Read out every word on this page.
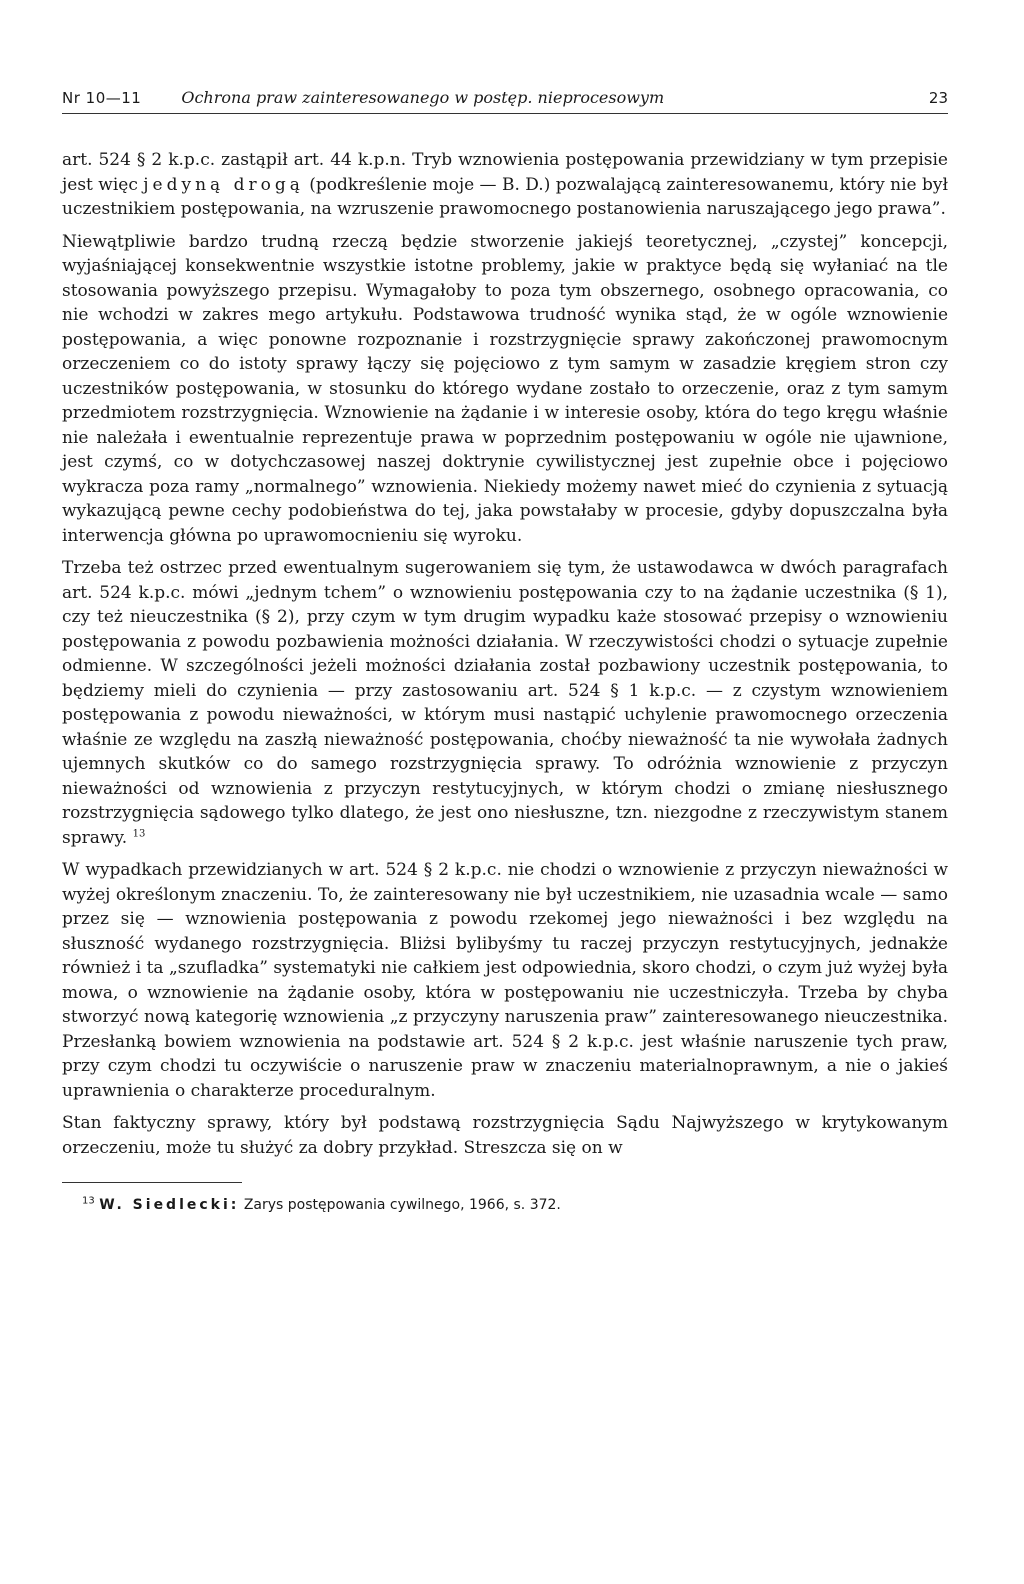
Nr 10—11	Ochrona praw zainteresowanego w postęp. nieprocesowym	23

art. 524 § 2 k.p.c. zastąpił art. 44 k.p.n. Tryb wznowienia postępowania przewidziany w tym przepisie jest więc jedyną drogą (podkreślenie moje — B. D.) pozwalającą zainteresowanemu, który nie był uczestnikiem postępowania, na wzruszenie prawomocnego postanowienia naruszającego jego prawa”.

Niewątpliwie bardzo trudną rzeczą będzie stworzenie jakiejś teoretycznej, „czystej” koncepcji, wyjaśniającej konsekwentnie wszystkie istotne problemy, jakie w praktyce będą się wyłaniać na tle stosowania powyższego przepisu. Wymagałoby to poza tym obszernego, osobnego opracowania, co nie wchodzi w zakres mego artykułu. Podstawowa trudność wynika stąd, że w ogóle wznowienie postępowania, a więc ponowne rozpoznanie i rozstrzygnięcie sprawy zakończonej prawomocnym orzeczeniem co do istoty sprawy łączy się pojęciowo z tym samym w zasadzie kręgiem stron czy uczestników postępowania, w stosunku do którego wydane zostało to orzeczenie, oraz z tym samym przedmiotem rozstrzygnięcia. Wznowienie na żądanie i w interesie osoby, która do tego kręgu właśnie nie należała i ewentualnie reprezentuje prawa w poprzednim postępowaniu w ogóle nie ujawnione, jest czymś, co w dotychczasowej naszej doktrynie cywilistycznej jest zupełnie obce i pojęciowo wykracza poza ramy „normalnego” wznowienia. Niekiedy możemy nawet mieć do czynienia z sytuacją wykazującą pewne cechy podobieństwa do tej, jaka powstałaby w procesie, gdyby dopuszczalna była interwencja główna po uprawomocnieniu się wyroku.

Trzeba też ostrzec przed ewentualnym sugerowaniem się tym, że ustawodawca w dwóch paragrafach art. 524 k.p.c. mówi „jednym tchem” o wznowieniu postępowania czy to na żądanie uczestnika (§ 1), czy też nieuczestnika (§ 2), przy czym w tym drugim wypadku każe stosować przepisy o wznowieniu postępowania z powodu pozbawienia możności działania. W rzeczywistości chodzi o sytuacje zupełnie odmienne. W szczególności jeżeli możności działania został pozbawiony uczestnik postępowania, to będziemy mieli do czynienia — przy zastosowaniu art. 524 § 1 k.p.c. — z czystym wznowieniem postępowania z powodu nieważności, w którym musi nastąpić uchylenie prawomocnego orzeczenia właśnie ze względu na zaszłą nieważność postępowania, choćby nieważność ta nie wywołała żadnych ujemnych skutków co do samego rozstrzygnięcia sprawy. To odróżnia wznowienie z przyczyn nieważności od wznowienia z przyczyn restytucyjnych, w którym chodzi o zmianę niesłusznego rozstrzygnięcia sądowego tylko dlatego, że jest ono niesłuszne, tzn. niezgodne z rzeczywistym stanem sprawy. $^{13}$

W wypadkach przewidzianych w art. 524 § 2 k.p.c. nie chodzi o wznowienie z przyczyn nieważności w wyżej określonym znaczeniu. To, że zainteresowany nie był uczestnikiem, nie uzasadnia wcale — samo przez się — wznowienia postępowania z powodu rzekomej jego nieważności i bez względu na słuszność wydanego rozstrzygnięcia. Bliżsi bylibyśmy tu raczej przyczyn restytucyjnych, jednakże również i ta „szufladka” systematyki nie całkiem jest odpowiednia, skoro chodzi, o czym już wyżej była mowa, o wznowienie na żądanie osoby, która w postępowaniu nie uczestniczyła. Trzeba by chyba stworzyć nową kategorię wznowienia „z przyczyny naruszenia praw” zainteresowanego nieuczestnika. Przesłanką bowiem wznowienia na podstawie art. 524 § 2 k.p.c. jest właśnie naruszenie tych praw, przy czym chodzi tu oczywiście o naruszenie praw w znaczeniu materialnoprawnym, a nie o jakieś uprawnienia o charakterze proceduralnym.

Stan faktyczny sprawy, który był podstawą rozstrzygnięcia Sądu Najwyższego w krytykowanym orzeczeniu, może tu służyć za dobry przykład. Streszcza się on w

$^{13}$ W. Siedlecki: Zarys postępowania cywilnego, 1966, s. 372.
